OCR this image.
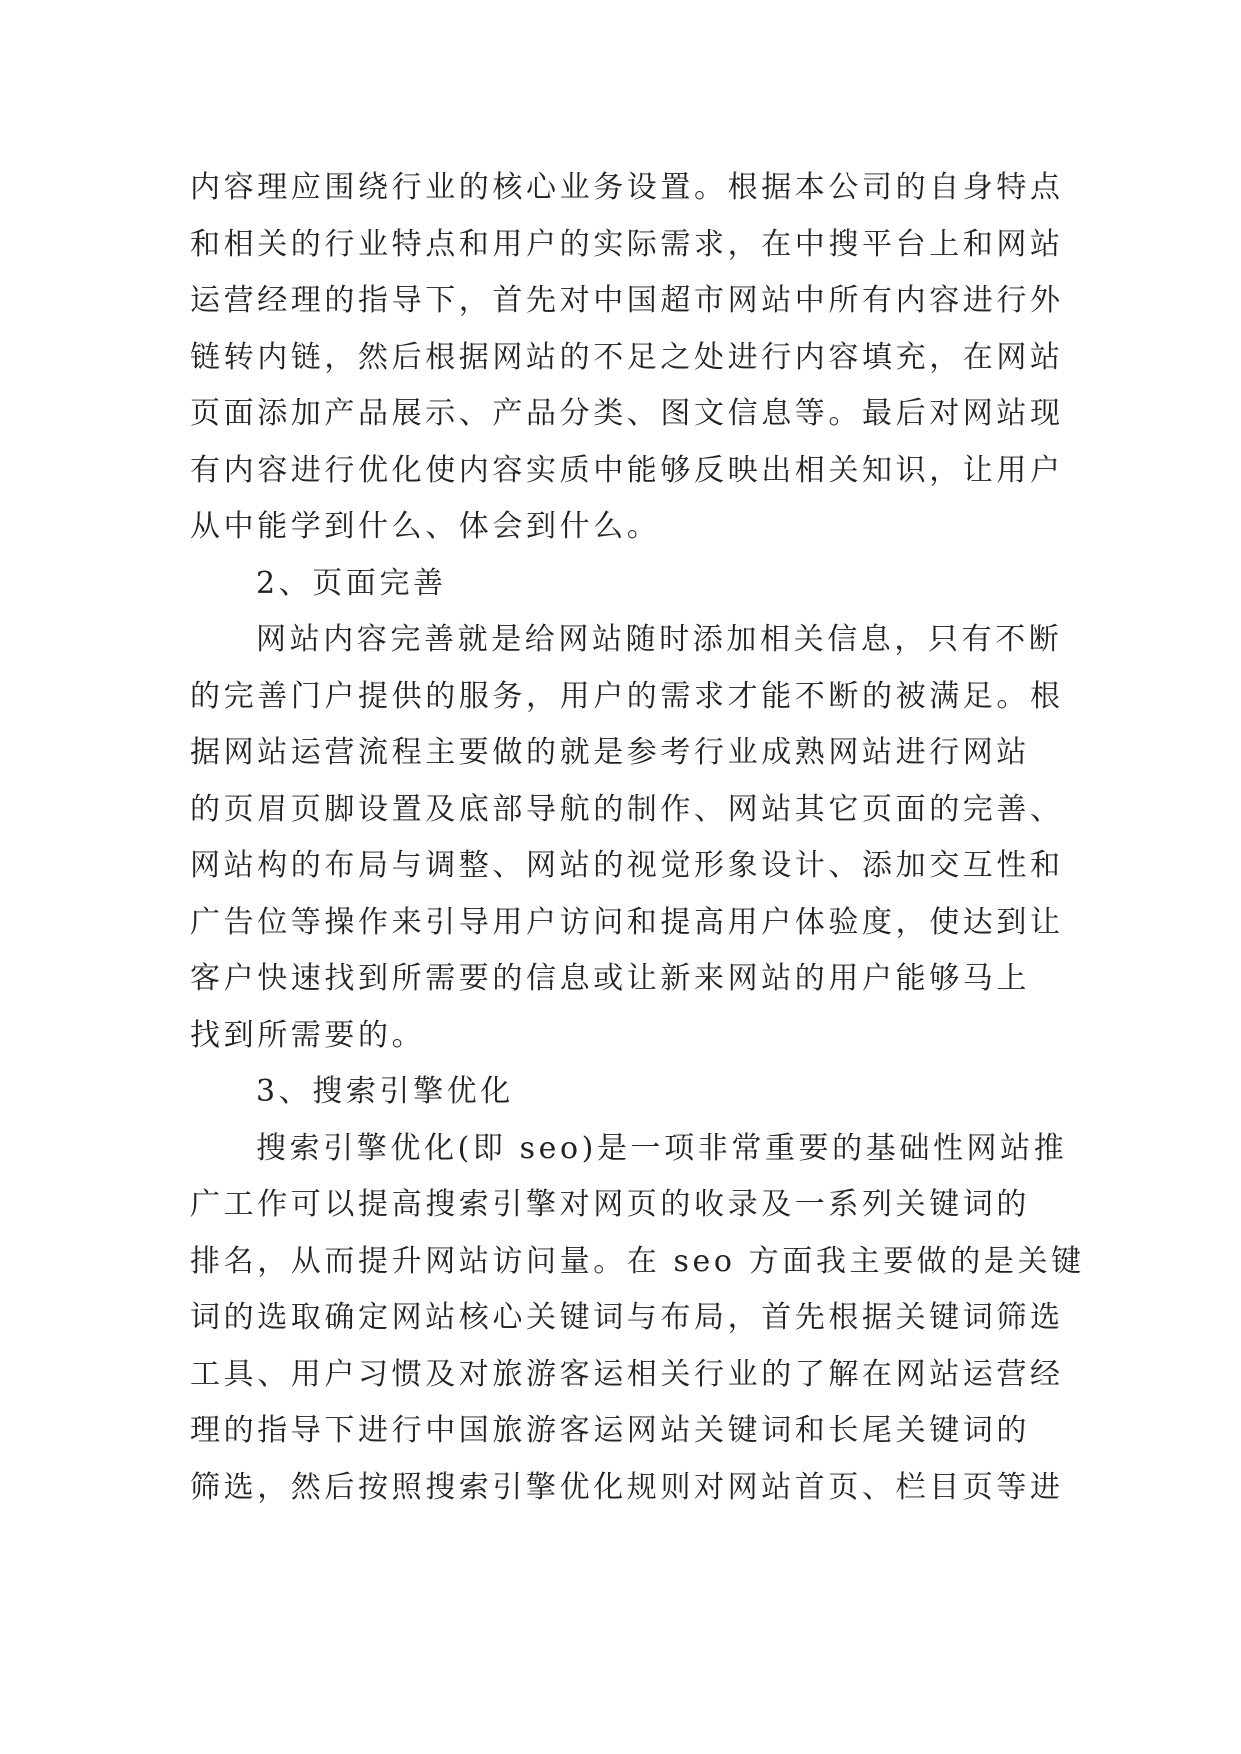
内容理应围绕行业的核心业务设置。根据本公司的自身特点
和相关的行业特点和用户的实际需求，在中搜平台上和网站
运营经理的指导下，首先对中国超市网站中所有内容进行外
链转内链，然后根据网站的不足之处进行内容填充，在网站
页面添加产品展示、产品分类、图文信息等。最后对网站现
有内容进行优化使内容实质中能够反映出相关知识，让用户
从中能学到什么、体会到什么。
2、页面完善
网站内容完善就是给网站随时添加相关信息，只有不断
的完善门户提供的服务，用户的需求才能不断的被满足。根
据网站运营流程主要做的就是参考行业成熟网站进行网站
的页眉页脚设置及底部导航的制作、网站其它页面的完善、
网站构的布局与调整、网站的视觉形象设计、添加交互性和
广告位等操作来引导用户访问和提高用户体验度，使达到让
客户快速找到所需要的信息或让新来网站的用户能够马上
找到所需要的。
3、搜索引擎优化
搜索引擎优化(即 seo)是一项非常重要的基础性网站推
广工作可以提高搜索引擎对网页的收录及一系列关键词的
排名，从而提升网站访问量。在 seo 方面我主要做的是关键
词的选取确定网站核心关键词与布局，首先根据关键词筛选
工具、用户习惯及对旅游客运相关行业的了解在网站运营经
理的指导下进行中国旅游客运网站关键词和长尾关键词的
筛选，然后按照搜索引擎优化规则对网站首页、栏目页等进
